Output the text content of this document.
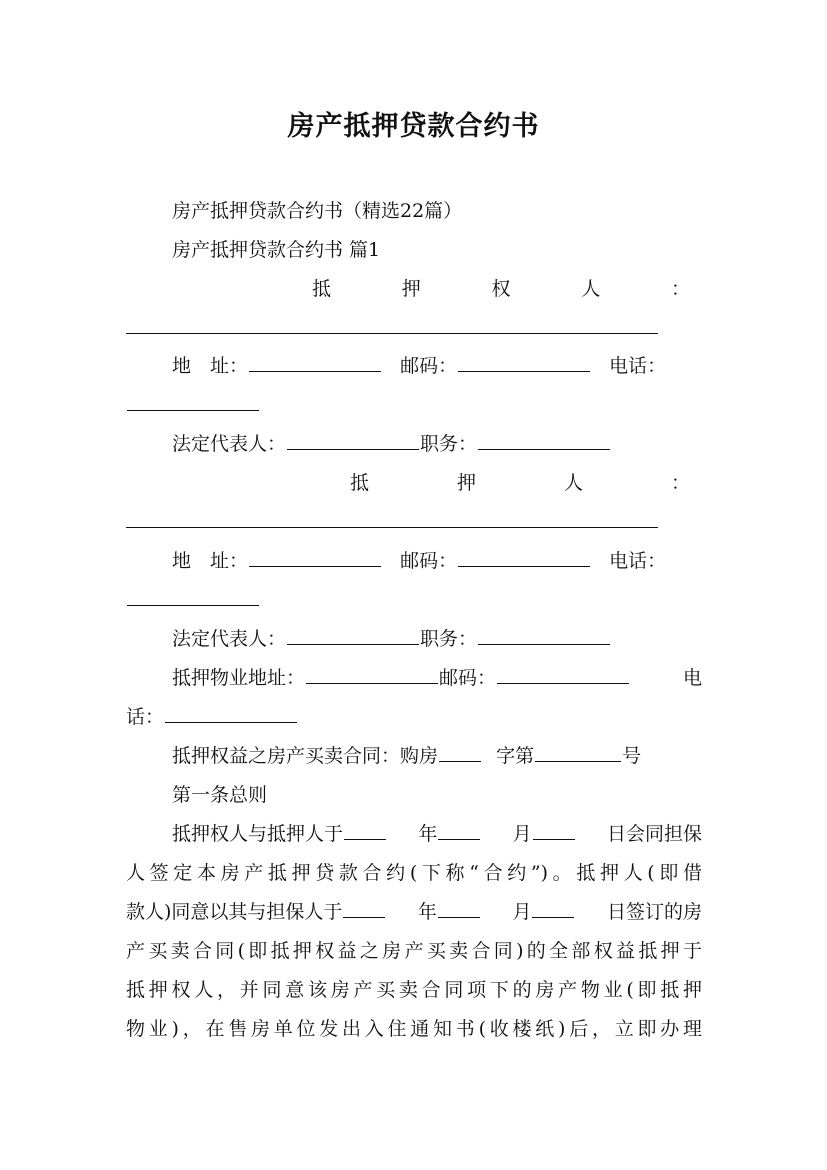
房产抵押贷款合约书
房产抵押贷款合约书（精选22篇）
房产抵押贷款合约书 篇1
抵	押	权	人	：
地　址：	邮码：	电话：
法定代表人：	职务：
抵	押	人	：
地　址：	邮码：	电话：
法定代表人：	职务：
抵押物业地址：	邮码：	电
话：
抵押权益之房产买卖合同：购房	字第	号
第一条总则
抵押权人与抵押人于	年	月	日会同担保
人签定本房产抵押贷款合约(下称“合约”)。抵押人(即借
款人)同意以其与担保人于	年	月	日签订的房
产买卖合同(即抵押权益之房产买卖合同)的全部权益抵押于
抵押权人，并同意该房产买卖合同项下的房产物业(即抵押
物业)，在售房单位发出入住通知书(收楼纸)后，立即办理
